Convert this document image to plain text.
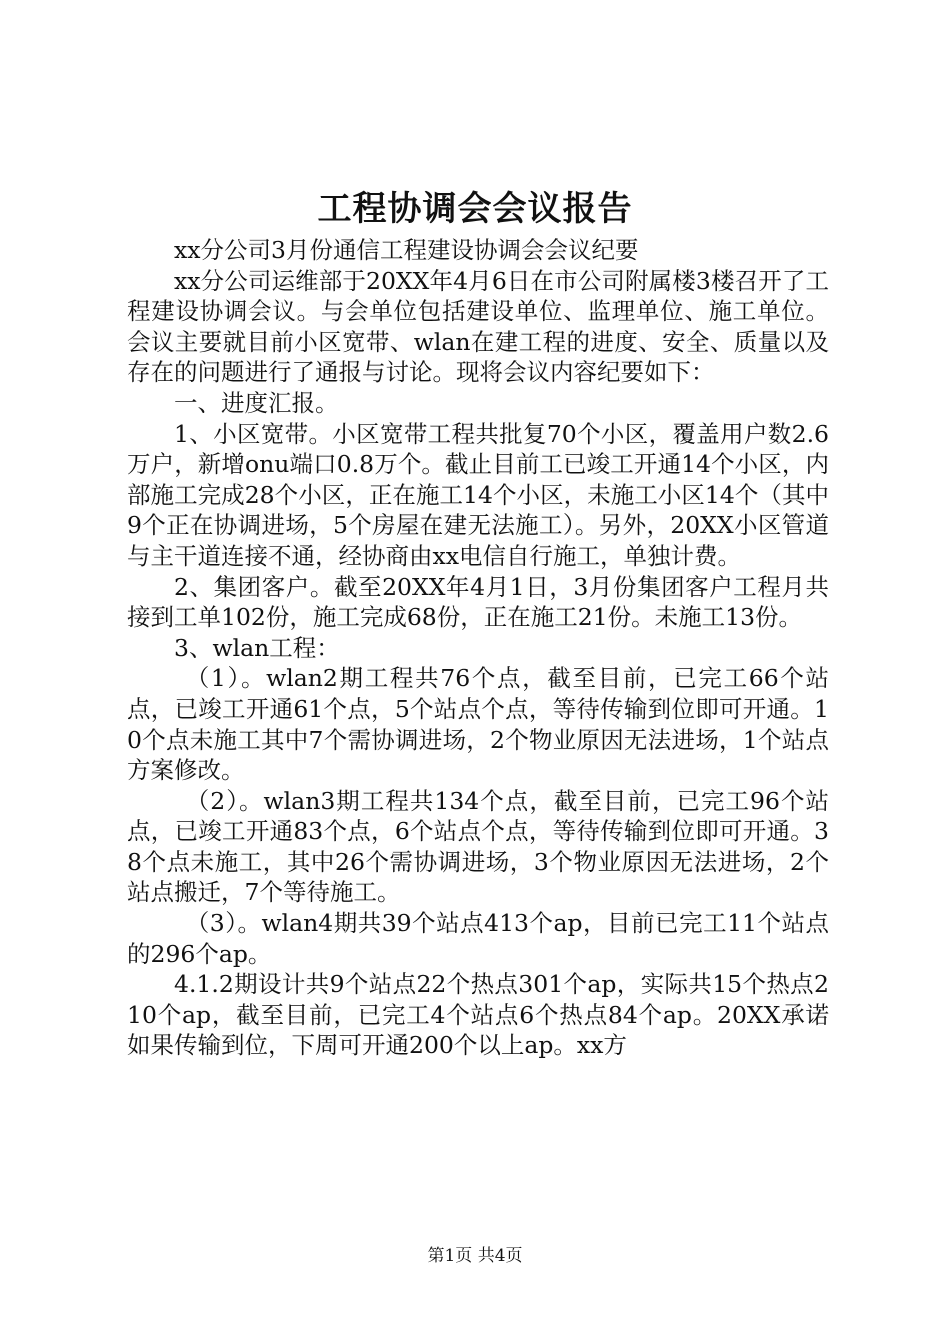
工程协调会会议报告

xx分公司3月份通信工程建设协调会会议纪要

xx分公司运维部于20XX年4月6日在市公司附属楼3楼召开了工程建设协调会议。与会单位包括建设单位、监理单位、施工单位。会议主要就目前小区宽带、wlan在建工程的进度、安全、质量以及存在的问题进行了通报与讨论。现将会议内容纪要如下：

一、进度汇报。

1、小区宽带。小区宽带工程共批复70个小区，覆盖用户数2.6万户，新增onu端口0.8万个。截止目前工已竣工开通14个小区，内部施工完成28个小区，正在施工14个小区，未施工小区14个（其中9个正在协调进场，5个房屋在建无法施工）。另外，20XX小区管道与主干道连接不通，经协商由xx电信自行施工，单独计费。

2、集团客户。截至20XX年4月1日，3月份集团客户工程月共接到工单102份，施工完成68份，正在施工21份。未施工13份。

3、wlan工程：

（1）。wlan2期工程共76个点，截至目前，已完工66个站点，已竣工开通61个点，5个站点个点，等待传输到位即可开通。10个点未施工其中7个需协调进场，2个物业原因无法进场，1个站点方案修改。

（2）。wlan3期工程共134个点，截至目前，已完工96个站点，已竣工开通83个点，6个站点个点，等待传输到位即可开通。38个点未施工，其中26个需协调进场，3个物业原因无法进场，2个站点搬迁，7个等待施工。

（3）。wlan4期共39个站点413个ap，目前已完工11个站点的296个ap。

4.1.2期设计共9个站点22个热点301个ap，实际共15个热点210个ap，截至目前，已完工4个站点6个热点84个ap。20XX承诺如果传输到位，下周可开通200个以上ap。xx方

第1页 共4页
